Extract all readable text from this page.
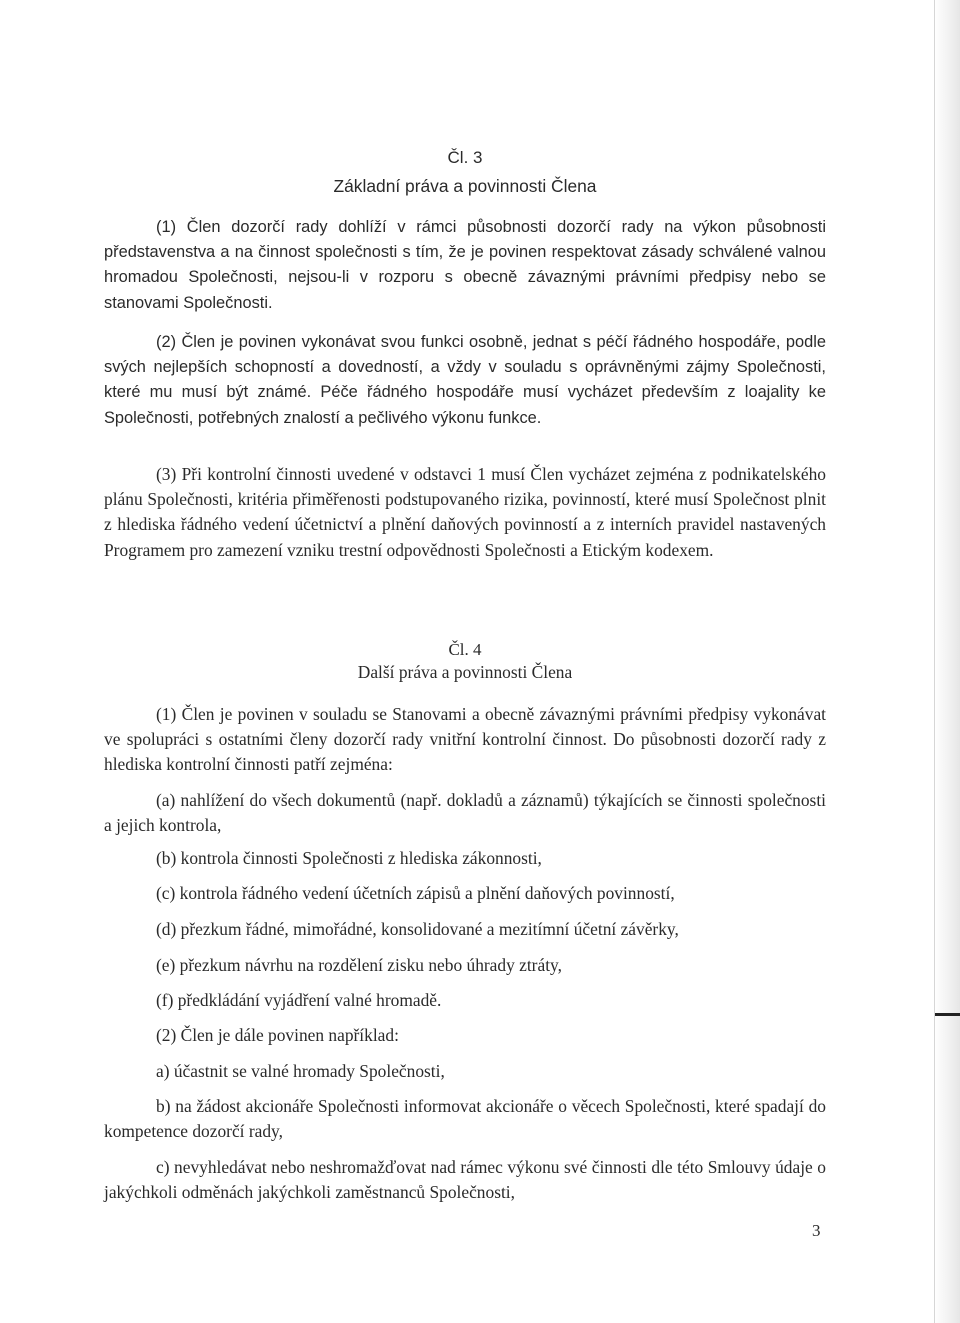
Čl. 3
Základní práva a povinnosti Člena

(1) Člen dozorčí rady dohlíží v rámci působnosti dozorčí rady na výkon působnosti představenstva a na činnost společnosti s tím, že je povinen respektovat zásady schválené valnou hromadou Společnosti, nejsou-li v rozporu s obecně závaznými právními předpisy nebo se stanovami Společnosti.

(2) Člen je povinen vykonávat svou funkci osobně, jednat s péčí řádného hospodáře, podle svých nejlepších schopností a dovedností, a vždy v souladu s oprávněnými zájmy Společnosti, které mu musí být známé. Péče řádného hospodáře musí vycházet především z loajality ke Společnosti, potřebných znalostí a pečlivého výkonu funkce.

(3) Při kontrolní činnosti uvedené v odstavci 1 musí Člen vycházet zejména z podnikatelského plánu Společnosti, kritéria přiměřenosti podstupovaného rizika, povinností, které musí Společnost plnit z hlediska řádného vedení účetnictví a plnění daňových povinností a z interních pravidel nastavených Programem pro zamezení vzniku trestní odpovědnosti Společnosti a Etickým kodexem.

Čl. 4
Další práva a povinnosti Člena

(1) Člen je povinen v souladu se Stanovami a obecně závaznými právními předpisy vykonávat ve spolupráci s ostatními členy dozorčí rady vnitřní kontrolní činnost. Do působnosti dozorčí rady z hlediska kontrolní činnosti patří zejména:

(a) nahlížení do všech dokumentů (např. dokladů a záznamů) týkajících se činnosti společnosti a jejich kontrola,

(b) kontrola činnosti Společnosti z hlediska zákonnosti,

(c) kontrola řádného vedení účetních zápisů a plnění daňových povinností,

(d) přezkum řádné, mimořádné, konsolidované a mezitímní účetní závěrky,

(e) přezkum návrhu na rozdělení zisku nebo úhrady ztráty,

(f) předkládání vyjádření valné hromadě.

(2) Člen je dále povinen například:

a) účastnit se valné hromady Společnosti,

b) na žádost akcionáře Společnosti informovat akcionáře o věcech Společnosti, které spadají do kompetence dozorčí rady,

c) nevyhledávat nebo neshromažďovat nad rámec výkonu své činnosti dle této Smlouvy údaje o jakýchkoli odměnách jakýchkoli zaměstnanců Společnosti,

3
